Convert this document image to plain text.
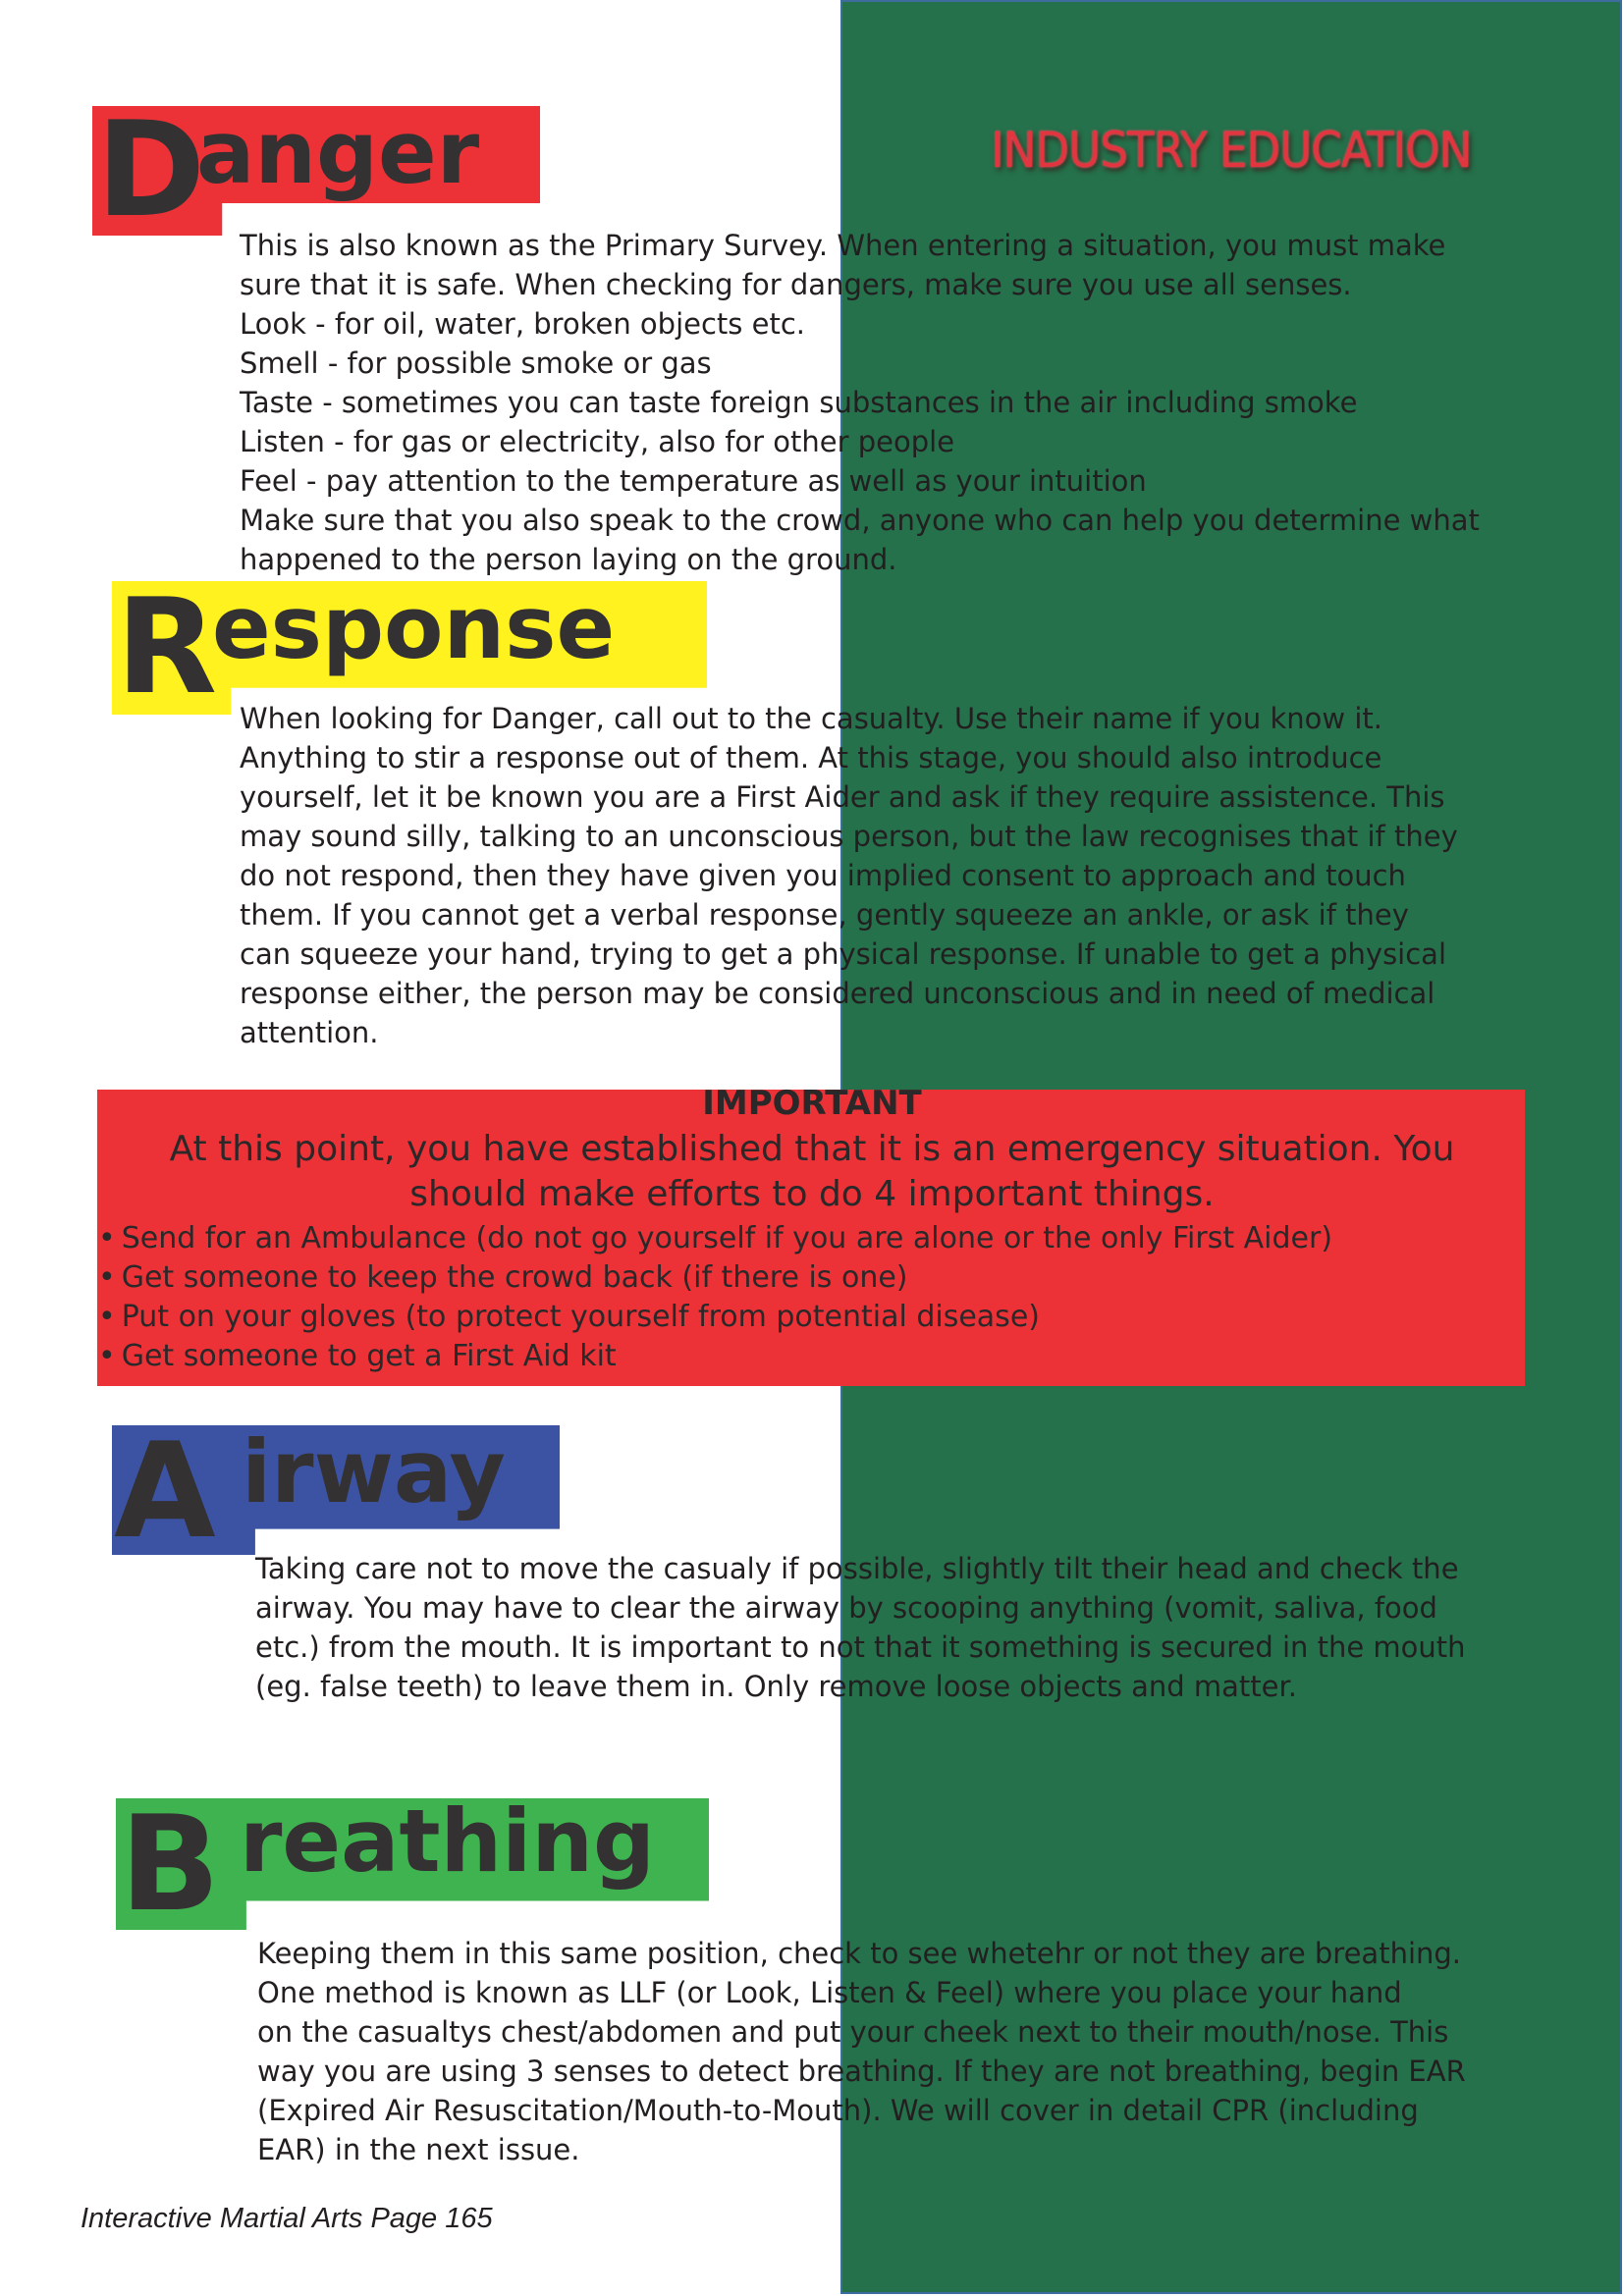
INDUSTRY EDUCATION
D
anger
This is also known as the Primary Survey. When entering a situation, you must make
sure that it is safe. When checking for dangers, make sure you use all senses.
Look - for oil, water, broken objects etc.
Smell - for possible smoke or gas
Taste - sometimes you can taste foreign substances in the air including smoke
Listen - for gas or electricity, also for other people
Feel - pay attention to the temperature as well as your intuition
Make sure that you also speak to the crowd, anyone who can help you determine what
happened to the person laying on the ground.
R
esponse
When looking for Danger, call out to the casualty. Use their name if you know it.
Anything to stir a response out of them. At this stage, you should also introduce
yourself, let it be known you are a First Aider and ask if they require assistence. This
may sound silly, talking to an unconscious person, but the law recognises that if they
do not respond, then they have given you implied consent to approach and touch
them. If you cannot get a verbal response, gently squeeze an ankle, or ask if they
can squeeze your hand, trying to get a physical response. If unable to get a physical
response either, the person may be considered unconscious and in need of medical
attention.
IMPORTANT
At this point, you have established that it is an emergency situation. You should make efforts to do 4 important things.
• Send for an Ambulance (do not go yourself if you are alone or the only First Aider)
• Get someone to keep the crowd back (if there is one)
• Put on your gloves (to protect yourself from potential disease)
• Get someone to get a First Aid kit
A irway
Taking care not to move the casualy if possible, slightly tilt their head and check the
airway. You may have to clear the airway by scooping anything (vomit, saliva, food
etc.) from the mouth. It is important to not that it something is secured in the mouth
(eg. false teeth) to leave them in. Only remove loose objects and matter.
B reathing
Keeping them in this same position, check to see whetehr or not they are breathing.
One method is known as LLF (or Look, Listen & Feel) where you place your hand
on the casualtys chest/abdomen and put your cheek next to their mouth/nose. This
way you are using 3 senses to detect breathing. If they are not breathing, begin EAR
(Expired Air Resuscitation/Mouth-to-Mouth). We will cover in detail CPR (including
EAR) in the next issue.
Interactive Martial Arts Page 165
